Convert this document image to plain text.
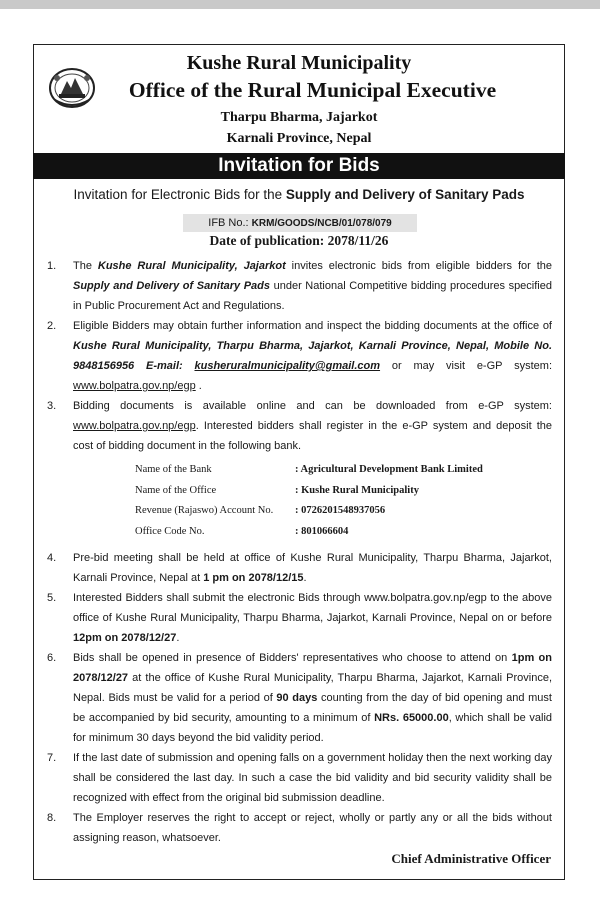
Kushe Rural Municipality
Office of the Rural Municipal Executive
Tharpu Bharma, Jajarkot
Karnali Province, Nepal
Invitation for Bids
Invitation for Electronic Bids for the Supply and Delivery of Sanitary Pads
IFB No.: KRM/GOODS/NCB/01/078/079
Date of publication: 2078/11/26
1. The Kushe Rural Municipality, Jajarkot invites electronic bids from eligible bidders for the Supply and Delivery of Sanitary Pads under National Competitive bidding procedures specified in Public Procurement Act and Regulations.
2. Eligible Bidders may obtain further information and inspect the bidding documents at the office of Kushe Rural Municipality, Tharpu Bharma, Jajarkot, Karnali Province, Nepal, Mobile No. 9848156956 E-mail: kusheruralmunicipality@gmail.com or may visit e-GP system: www.bolpatra.gov.np/egp .
3. Bidding documents is available online and can be downloaded from e-GP system: www.bolpatra.gov.np/egp. Interested bidders shall register in the e-GP system and deposit the cost of bidding document in the following bank.
Name of the Bank	: Agricultural Development Bank Limited
Name of the Office	: Kushe Rural Municipality
Revenue (Rajaswo) Account No.	: 0726201548937056
Office Code No.	: 801066604
4. Pre-bid meeting shall be held at office of Kushe Rural Municipality, Tharpu Bharma, Jajarkot, Karnali Province, Nepal at 1 pm on 2078/12/15.
5. Interested Bidders shall submit the electronic Bids through www.bolpatra.gov.np/egp to the above office of Kushe Rural Municipality, Tharpu Bharma, Jajarkot, Karnali Province, Nepal on or before 12pm on 2078/12/27.
6. Bids shall be opened in presence of Bidders' representatives who choose to attend on 1pm on 2078/12/27 at the office of Kushe Rural Municipality, Tharpu Bharma, Jajarkot, Karnali Province, Nepal. Bids must be valid for a period of 90 days counting from the day of bid opening and must be accompanied by bid security, amounting to a minimum of NRs. 65000.00, which shall be valid for minimum 30 days beyond the bid validity period.
7. If the last date of submission and opening falls on a government holiday then the next working day shall be considered the last day. In such a case the bid validity and bid security validity shall be recognized with effect from the original bid submission deadline.
8. The Employer reserves the right to accept or reject, wholly or partly any or all the bids without assigning reason, whatsoever.
Chief Administrative Officer
